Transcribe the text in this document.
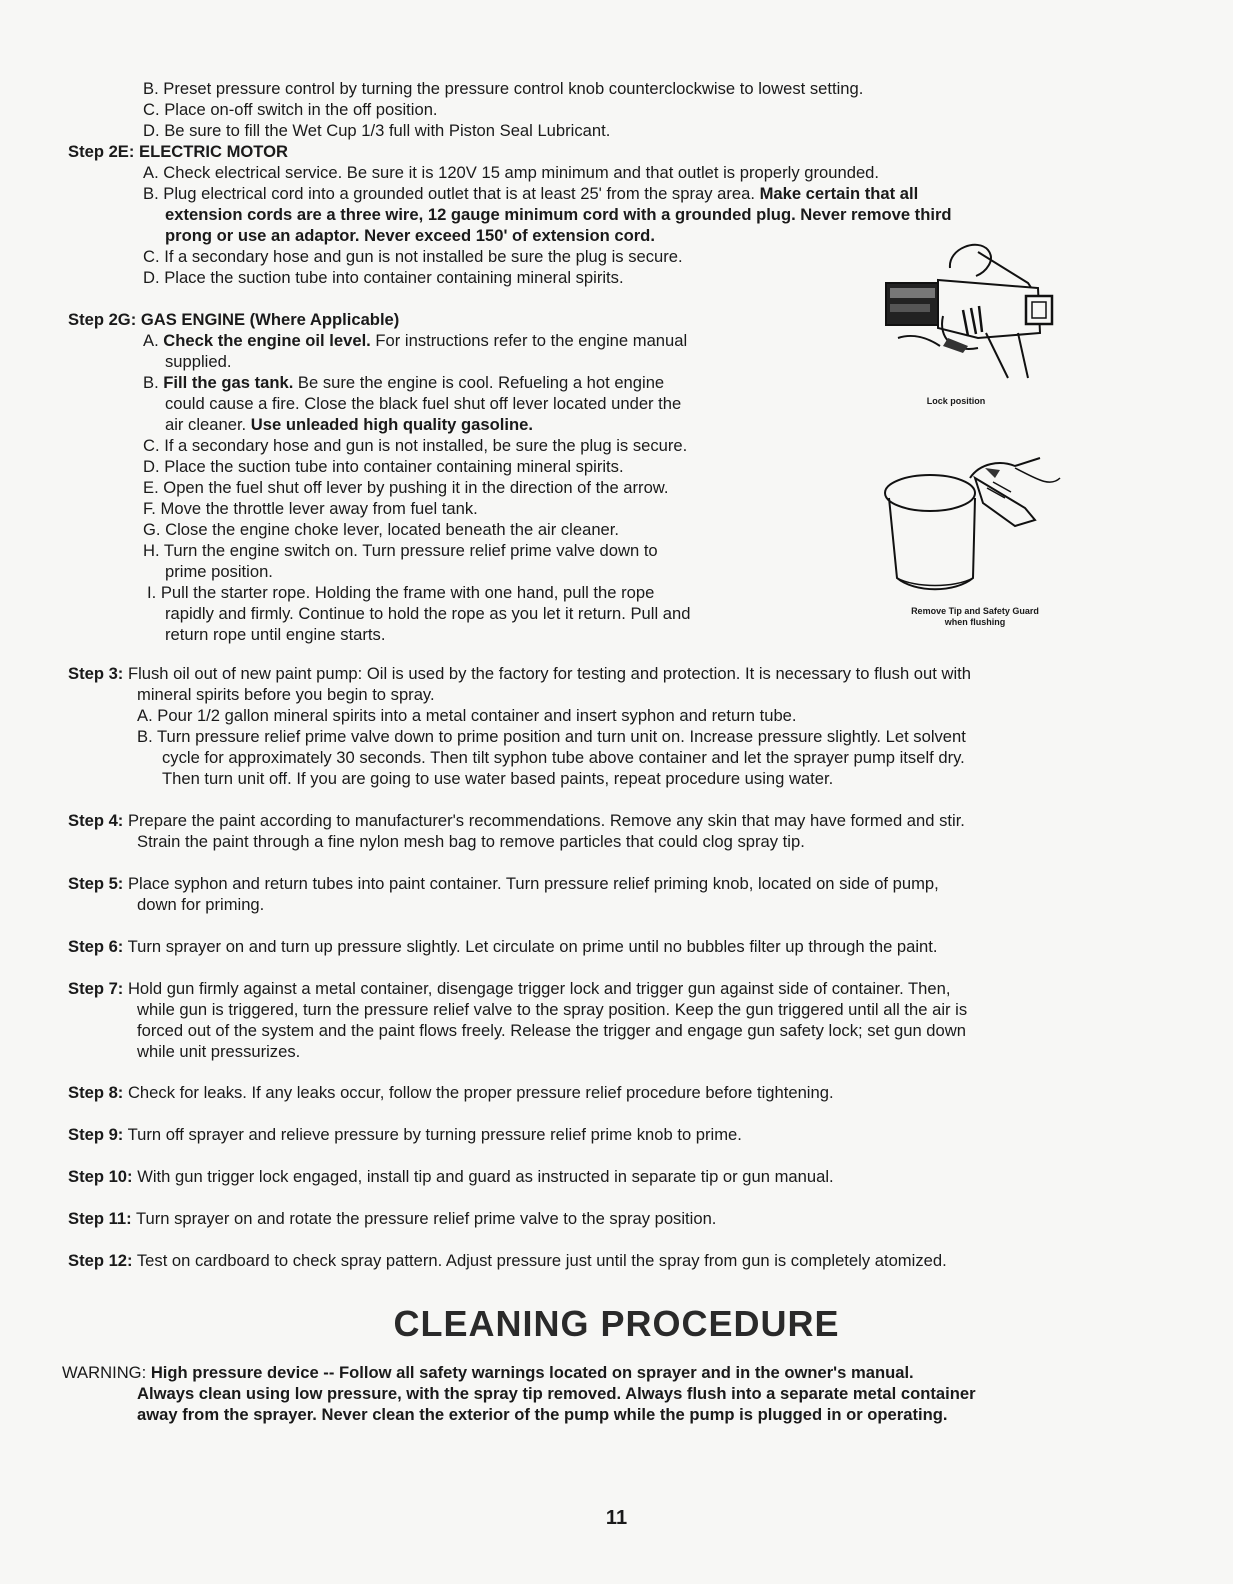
B. Preset pressure control by turning the pressure control knob counterclockwise to lowest setting.
C. Place on-off switch in the off position.
D. Be sure to fill the Wet Cup 1/3 full with Piston Seal Lubricant.
Step 2E: ELECTRIC MOTOR
A. Check electrical service. Be sure it is 120V 15 amp minimum and that outlet is properly grounded.
B. Plug electrical cord into a grounded outlet that is at least 25' from the spray area. Make certain that all
extension cords are a three wire, 12 gauge minimum cord with a grounded plug. Never remove third
prong or use an adaptor. Never exceed 150' of extension cord.
C. If a secondary hose and gun is not installed be sure the plug is secure.
D. Place the suction tube into container containing mineral spirits.
Step 2G: GAS ENGINE (Where Applicable)
A. Check the engine oil level. For instructions refer to the engine manual
supplied.
B. Fill the gas tank. Be sure the engine is cool. Refueling a hot engine
could cause a fire. Close the black fuel shut off lever located under the
air cleaner. Use unleaded high quality gasoline.
C. If a secondary hose and gun is not installed, be sure the plug is secure.
D. Place the suction tube into container containing mineral spirits.
E. Open the fuel shut off lever by pushing it in the direction of the arrow.
F. Move the throttle lever away from fuel tank.
G. Close the engine choke lever, located beneath the air cleaner.
H. Turn the engine switch on. Turn pressure relief prime valve down to
prime position.
I. Pull the starter rope. Holding the frame with one hand, pull the rope
rapidly and firmly. Continue to hold the rope as you let it return. Pull and
return rope until engine starts.
Lock position
Remove Tip and Safety Guard
when flushing
Step 3: Flush oil out of new paint pump: Oil is used by the factory for testing and protection. It is necessary to flush out with
mineral spirits before you begin to spray.
A. Pour 1/2 gallon mineral spirits into a metal container and insert syphon and return tube.
B. Turn pressure relief prime valve down to prime position and turn unit on. Increase pressure slightly. Let solvent
cycle for approximately 30 seconds. Then tilt syphon tube above container and let the sprayer pump itself dry.
Then turn unit off. If you are going to use water based paints, repeat procedure using water.
Step 4: Prepare the paint according to manufacturer's recommendations. Remove any skin that may have formed and stir.
Strain the paint through a fine nylon mesh bag to remove particles that could clog spray tip.
Step 5: Place syphon and return tubes into paint container. Turn pressure relief priming knob, located on side of pump,
down for priming.
Step 6: Turn sprayer on and turn up pressure slightly. Let circulate on prime until no bubbles filter up through the paint.
Step 7: Hold gun firmly against a metal container, disengage trigger lock and trigger gun against side of container. Then,
while gun is triggered, turn the pressure relief valve to the spray position. Keep the gun triggered until all the air is
forced out of the system and the paint flows freely. Release the trigger and engage gun safety lock; set gun down
while unit pressurizes.
Step 8: Check for leaks. If any leaks occur, follow the proper pressure relief procedure before tightening.
Step 9: Turn off sprayer and relieve pressure by turning pressure relief prime knob to prime.
Step 10: With gun trigger lock engaged, install tip and guard as instructed in separate tip or gun manual.
Step 11: Turn sprayer on and rotate the pressure relief prime valve to the spray position.
Step 12: Test on cardboard to check spray pattern. Adjust pressure just until the spray from gun is completely atomized.
CLEANING PROCEDURE
WARNING: High pressure device -- Follow all safety warnings located on sprayer and in the owner's manual.
Always clean using low pressure, with the spray tip removed. Always flush into a separate metal container
away from the sprayer. Never clean the exterior of the pump while the pump is plugged in or operating.
11
